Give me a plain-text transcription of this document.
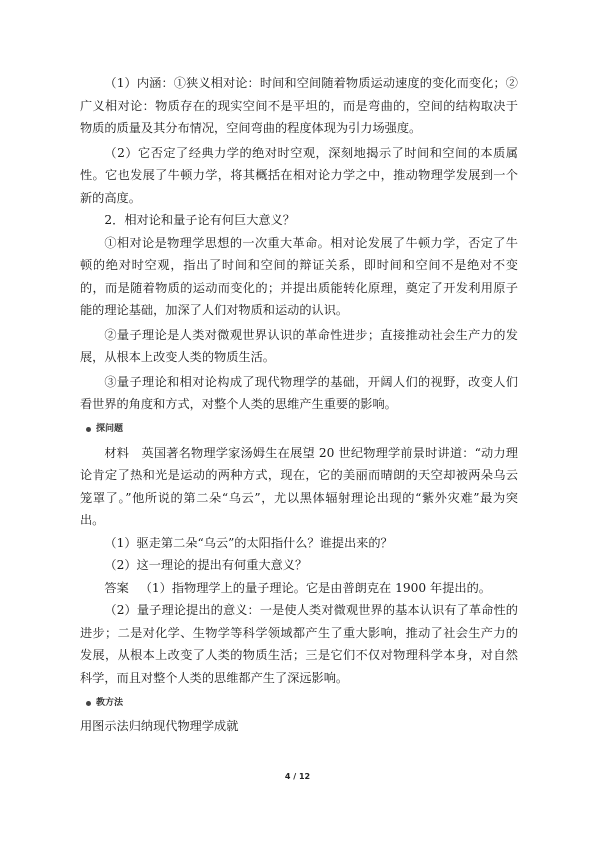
（1）内涵：①狭义相对论：时间和空间随着物质运动速度的变化而变化；②广义相对论：物质存在的现实空间不是平坦的，而是弯曲的，空间的结构取决于物质的质量及其分布情况，空间弯曲的程度体现为引力场强度。

（2）它否定了经典力学的绝对时空观，深刻地揭示了时间和空间的本质属性。它也发展了牛顿力学，将其概括在相对论力学之中，推动物理学发展到一个新的高度。

2．相对论和量子论有何巨大意义？

①相对论是物理学思想的一次重大革命。相对论发展了牛顿力学，否定了牛顿的绝对时空观，指出了时间和空间的辩证关系，即时间和空间不是绝对不变的，而是随着物质的运动而变化的；并提出质能转化原理，奠定了开发利用原子能的理论基础，加深了人们对物质和运动的认识。

②量子理论是人类对微观世界认识的革命性进步；直接推动社会生产力的发展，从根本上改变人类的物质生活。

③量子理论和相对论构成了现代物理学的基础，开阔人们的视野，改变人们看世界的角度和方式，对整个人类的思维产生重要的影响。

探问题

材料　英国著名物理学家汤姆生在展望 20 世纪物理学前景时讲道：“动力理论肯定了热和光是运动的两种方式，现在，它的美丽而晴朗的天空却被两朵乌云笼罩了。”他所说的第二朵“乌云”，尤以黑体辐射理论出现的“紫外灾难”最为突出。

（1）驱走第二朵“乌云”的太阳指什么？谁提出来的？

（2）这一理论的提出有何重大意义？

答案 （1）指物理学上的量子理论。它是由普朗克在 1900 年提出的。

（2）量子理论提出的意义：一是使人类对微观世界的基本认识有了革命性的进步；二是对化学、生物学等科学领域都产生了重大影响，推动了社会生产力的发展，从根本上改变了人类的物质生活；三是它们不仅对物理科学本身，对自然科学，而且对整个人类的思维都产生了深远影响。

教方法

用图示法归纳现代物理学成就

4 / 12
